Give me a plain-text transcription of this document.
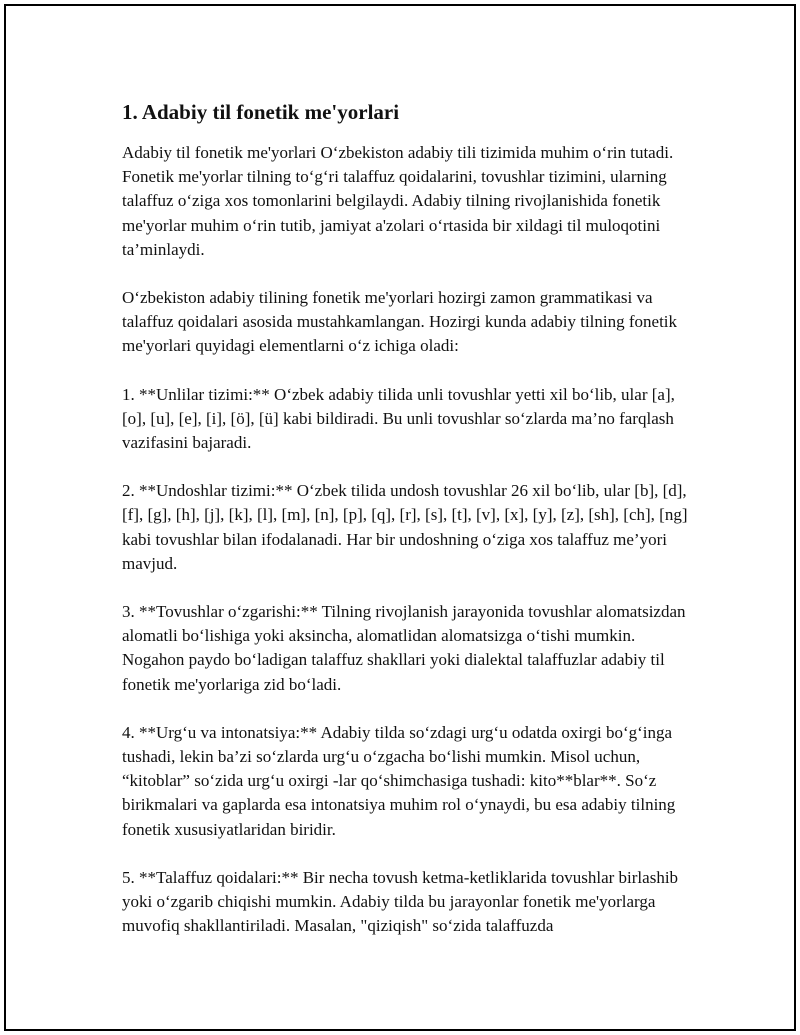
1. Adabiy til fonetik me'yorlari

Adabiy til fonetik me'yorlari O‘zbekiston adabiy tili tizimida muhim o‘rin tutadi. Fonetik me'yorlar tilning to‘g‘ri talaffuz qoidalarini, tovushlar tizimini, ularning talaffuz o‘ziga xos tomonlarini belgilaydi. Adabiy tilning rivojlanishida fonetik me'yorlar muhim o‘rin tutib, jamiyat a'zolari o‘rtasida bir xildagi til muloqotini ta’minlaydi.

O‘zbekiston adabiy tilining fonetik me'yorlari hozirgi zamon grammatikasi va talaffuz qoidalari asosida mustahkamlangan. Hozirgi kunda adabiy tilning fonetik me'yorlari quyidagi elementlarni o‘z ichiga oladi:

1. **Unlilar tizimi:** O‘zbek adabiy tilida unli tovushlar yetti xil bo‘lib, ular [a], [o], [u], [e], [i], [ö], [ü] kabi bildiradi. Bu unli tovushlar so‘zlarda ma’no farqlash vazifasini bajaradi.

2. **Undoshlar tizimi:** O‘zbek tilida undosh tovushlar 26 xil bo‘lib, ular [b], [d], [f], [g], [h], [j], [k], [l], [m], [n], [p], [q], [r], [s], [t], [v], [x], [y], [z], [sh], [ch], [ng] kabi tovushlar bilan ifodalanadi. Har bir undoshning o‘ziga xos talaffuz me’yori mavjud.

3. **Tovushlar o‘zgarishi:** Tilning rivojlanish jarayonida tovushlar alomatsizdan alomatli bo‘lishiga yoki aksincha, alomatlidan alomatsizga o‘tishi mumkin. Nogahon paydo bo‘ladigan talaffuz shakllari yoki dialektal talaffuzlar adabiy til fonetik me'yorlariga zid bo‘ladi.

4. **Urg‘u va intonatsiya:** Adabiy tilda so‘zdagi urg‘u odatda oxirgi bo‘g‘inga tushadi, lekin ba’zi so‘zlarda urg‘u o‘zgacha bo‘lishi mumkin. Misol uchun, “kitoblar” so‘zida urg‘u oxirgi -lar qo‘shimchasiga tushadi: kito**blar**. So‘z birikmalari va gaplarda esa intonatsiya muhim rol o‘ynaydi, bu esa adabiy tilning fonetik xususiyatlaridan biridir.

5. **Talaffuz qoidalari:** Bir necha tovush ketma-ketliklarida tovushlar birlashib yoki o‘zgarib chiqishi mumkin. Adabiy tilda bu jarayonlar fonetik me'yorlarga muvofiq shakllantiriladi. Masalan, "qiziqish" so‘zida talaffuzda
